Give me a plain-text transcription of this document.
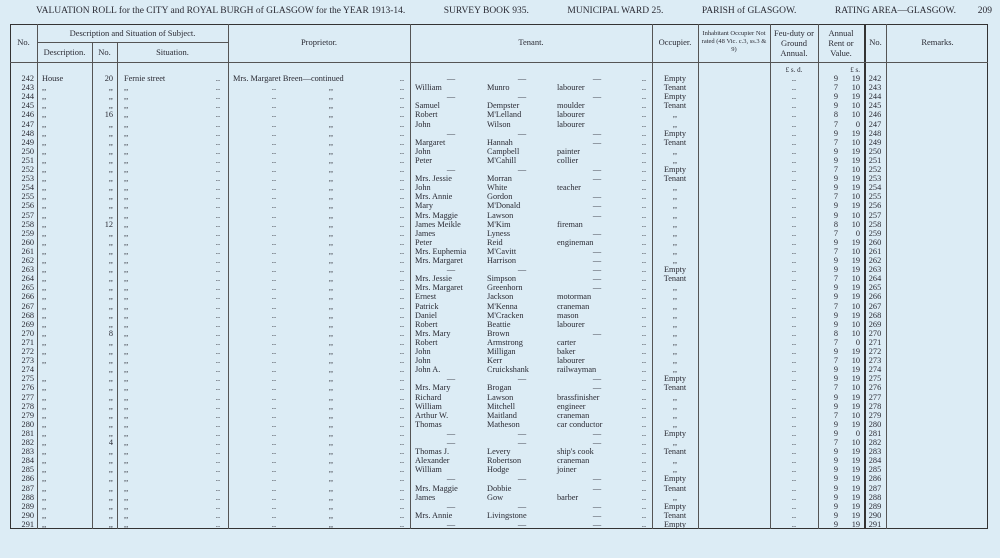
VALUATION ROLL for the CITY and ROYAL BURGH of GLASGOW for the YEAR 1913-14.	SURVEY BOOK 935.	MUNICIPAL WARD 25.	PARISH of GLASGOW.	RATING AREA—GLASGOW.	209
No.
Description and Situation of Subject.
Description.	No.	Situation.
Proprietor.	Tenant.	Occupier.
Inhabitant Occupier Not rated (48 Vic. c.3, ss.3 & 9)
Feu-duty or Ground Annual.
Annual Rent or Value.
No.	Remarks.
£ s. d.	£ s.
242 House	20 Fernie street	Mrs. Margaret Breen—continued	—	—	—	Empty	9	19	242
..	..	..	..
243 ,,	,, ,,	William	Munro	labourer	Tenant	7	10	243
..	,,
..	..	..	..
244 ,,	,, ,,	—	—	—	Empty	9	19	244
..	,,
..	..	..	..
245 ,,	,, ,,	Samuel	Dempster	moulder	Tenant	9	10	245
..	,,
..	..	..	..
246 ,,	16 ,,	Robert	M'Lelland	labourer	,,	8	10	246
..	,,
..	..	..	..
247 ,,	,, ,,	John	Wilson	labourer	,,	7	0	247
..	,,
..	..	..	..
248 ,,	,, ,,	—	—	—	Empty	9	19	248
..	,,
..	..	..	..
249 ,,	,, ,,	Margaret	Hannah	—	Tenant	7	10	249
..	,,
..	..	..	..
250 ,,	,, ,,	John	Campbell	painter	,,	9	19	250
..	,,
..	..	..	..
251 ,,	,, ,,	Peter	M'Cahill	collier	,,	9	19	251
..	,,
..	..	..	..
252 ,,	,, ,,	—	—	—	Empty	7	10	252
..	,,
..	..	..	..
253 ,,	,, ,,	Mrs. Jessie	Morran	—	Tenant	9	19	253
..	,,
..	..	..	..
254 ,,	,, ,,	John	White	teacher	,,	9	19	254
..	,,
..	..	..	..
255 ,,	,, ,,	Mrs. Annie	Gordon	—	,,	7	10	255
..	,,
..	..	..	..
256 ,,	,, ,,	Mary	M'Donald	—	,,	9	19	256
..	,,
..	..	..	..
257 ,,	,, ,,	Mrs. Maggie	Lawson	—	,,	9	10	257
..	,,
..	..	..	..
258 ,,	12 ,,	James Meikle	M'Kim	fireman	,,	8	10	258
..	,,
..	..	..	..
259 ,,	,, ,,	James	Lyness	—	,,	7	0	259
..	,,
..	..	..	..
260 ,,	,, ,,	Peter	Reid	engineman	,,	9	19	260
..	,,
..	..	..	..
261 ,,	,, ,,	Mrs. Euphemia	M'Cavitt	—	,,	7	10	261
..	,,
..	..	..	..
262 ,,	,, ,,	Mrs. Margaret	Harrison	—	,,	9	19	262
..	,,
..	..	..	..
263 ,,	,, ,,	—	—	—	Empty	9	19	263
..	,,
..	..	..	..
264 ,,	,, ,,	Mrs. Jessie	Simpson	—	Tenant	7	10	264
..	,,
..	..	..	..
265 ,,	,, ,,	Mrs. Margaret	Greenhorn	—	,,	9	19	265
..	,,
..	..	..	..
266 ,,	,, ,,	Ernest	Jackson	motorman	,,	9	19	266
..	,,
..	..	..	..
267 ,,	,, ,,	Patrick	M'Kenna	craneman	,,	7	10	267
..	,,
..	..	..	..
268 ,,	,, ,,	Daniel	M'Cracken	mason	,,	9	19	268
..	,,
..	..	..	..
269 ,,	,, ,,	Robert	Beattie	labourer	,,	9	10	269
..	,,
..	..	..	..
270 ,,	8 ,,	Mrs. Mary	Brown	—	,,	8	10	270
..	,,
..	..	..	..
271 ,,	,, ,,	Robert	Armstrong	carter	,,	7	0	271
..	,,
..	..	..	..
272 ,,	,, ,,	John	Milligan	baker	,,	9	19	272
..	,,
..	..	..	..
273 ,,	,, ,,	John	Kerr	labourer	,,	7	10	273
..	,,
..	..	..	..
274	,, ,,	John A.	Cruickshank	railwayman	,,	9	19	274
..	,,
..	..	..	..
275 ,,	,, ,,	—	—	—	Empty	9	19	275
..	,,
..	..	..	..
276 ,,	,, ,,	Mrs. Mary	Brogan	—	Tenant	7	10	276
..	,,
..	..	..	..
277 ,,	,, ,,	Richard	Lawson	brassfinisher	,,	9	19	277
..	,,
..	..	..	..
278 ,,	,, ,,	William	Mitchell	engineer	,,	9	19	278
..	,,
..	..	..	..
279 ,,	,, ,,	Arthur W.	Maitland	craneman	,,	7	10	279
..	,,
..	..	..	..
280 ,,	,, ,,	Thomas	Matheson	car conductor	,,	9	19	280
..	,,
..	..	..	..
281 ,,	,, ,,	—	—	—	Empty	9	0	281
..	,,
..	..	..	..
282 ,,	4 ,,	—	—	—	,,	7	10	282
..	,,
..	..	..	..
283 ,,	,, ,,	Thomas J.	Levery	ship's cook	Tenant	9	19	283
..	,,
..	..	..	..
284 ,,	,, ,,	Alexander	Robertson	craneman	,,	9	19	284
..	,,
..	..	..	..
285 ,,	,, ,,	William	Hodge	joiner	,,	9	19	285
..	,,
..	..	..	..
286 ,,	,, ,,	—	—	—	Empty	9	19	286
..	,,
..	..	..	..
287 ,,	,, ,,	Mrs. Maggie	Dobbie	—	Tenant	9	19	287
..	,,
..	..	..	..
288 ,,	,, ,,	James	Gow	barber	,,	9	19	288
..	,,
..	..	..	..
289 ,,	,, ,,	—	—	—	Empty	9	19	289
..	,,
..	..	..	..
290 ,,	,, ,,	Mrs. Annie	Livingstone	—	Tenant	9	19	290
..	,,
..	..	..	..
291 ,,	,, ,,	—	—	—	Empty	9	19	291
..	,,
..	..	..	..
